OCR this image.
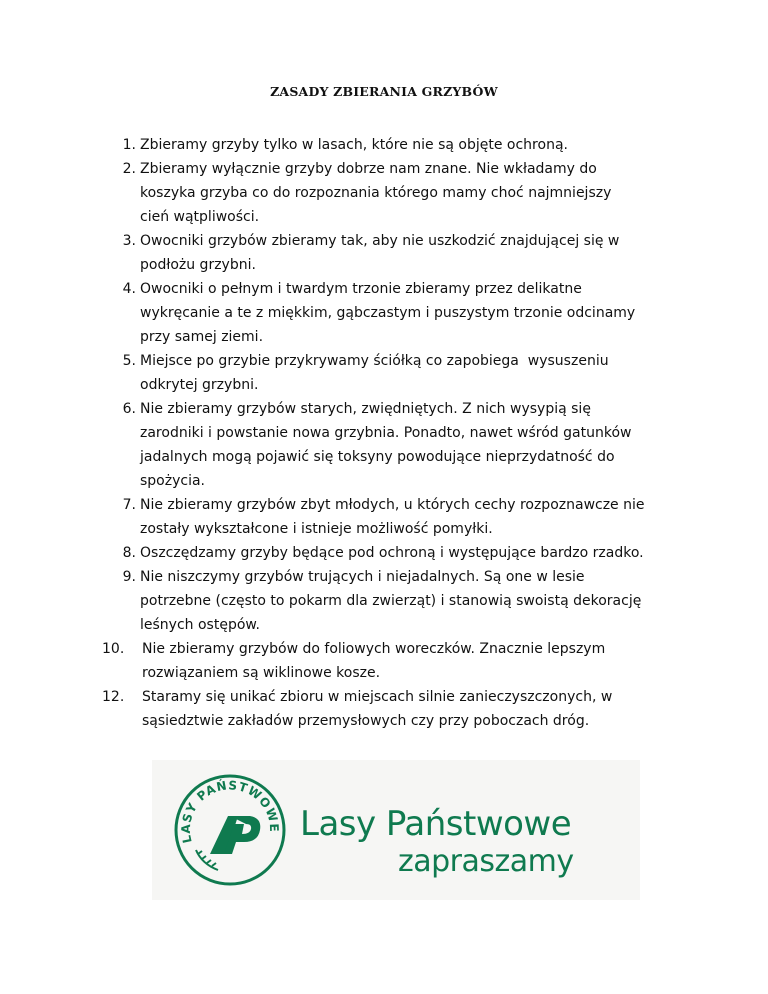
ZASADY ZBIERANIA GRZYBÓW
1. Zbieramy grzyby tylko w lasach, które nie są objęte ochroną.
2. Zbieramy wyłącznie grzyby dobrze nam znane. Nie wkładamy do
koszyka grzyba co do rozpoznania którego mamy choć najmniejszy
cień wątpliwości.
3. Owocniki grzybów zbieramy tak, aby nie uszkodzić znajdującej się w
podłożu grzybni.
4. Owocniki o pełnym i twardym trzonie zbieramy przez delikatne
wykręcanie a te z miękkim, gąbczastym i puszystym trzonie odcinamy
przy samej ziemi.
5. Miejsce po grzybie przykrywamy ściółką co zapobiega  wysuszeniu
odkrytej grzybni.
6. Nie zbieramy grzybów starych, zwiędniętych. Z nich wysypią się
zarodniki i powstanie nowa grzybnia. Ponadto, nawet wśród gatunków
jadalnych mogą pojawić się toksyny powodujące nieprzydatność do
spożycia.
7. Nie zbieramy grzybów zbyt młodych, u których cechy rozpoznawcze nie
zostały wykształcone i istnieje możliwość pomyłki.
8. Oszczędzamy grzyby będące pod ochroną i występujące bardzo rzadko.
9. Nie niszczymy grzybów trujących i niejadalnych. Są one w lesie
potrzebne (często to pokarm dla zwierząt) i stanowią swoistą dekorację
leśnych ostępów.
10. Nie zbieramy grzybów do foliowych woreczków. Znacznie lepszym
rozwiązaniem są wiklinowe kosze.
12. Staramy się unikać zbioru w miejscach silnie zanieczyszczonych, w
sąsiedztwie zakładów przemysłowych czy przy poboczach dróg.
LASY PAŃSTWOWE Lasy Państwowe
zapraszamy
